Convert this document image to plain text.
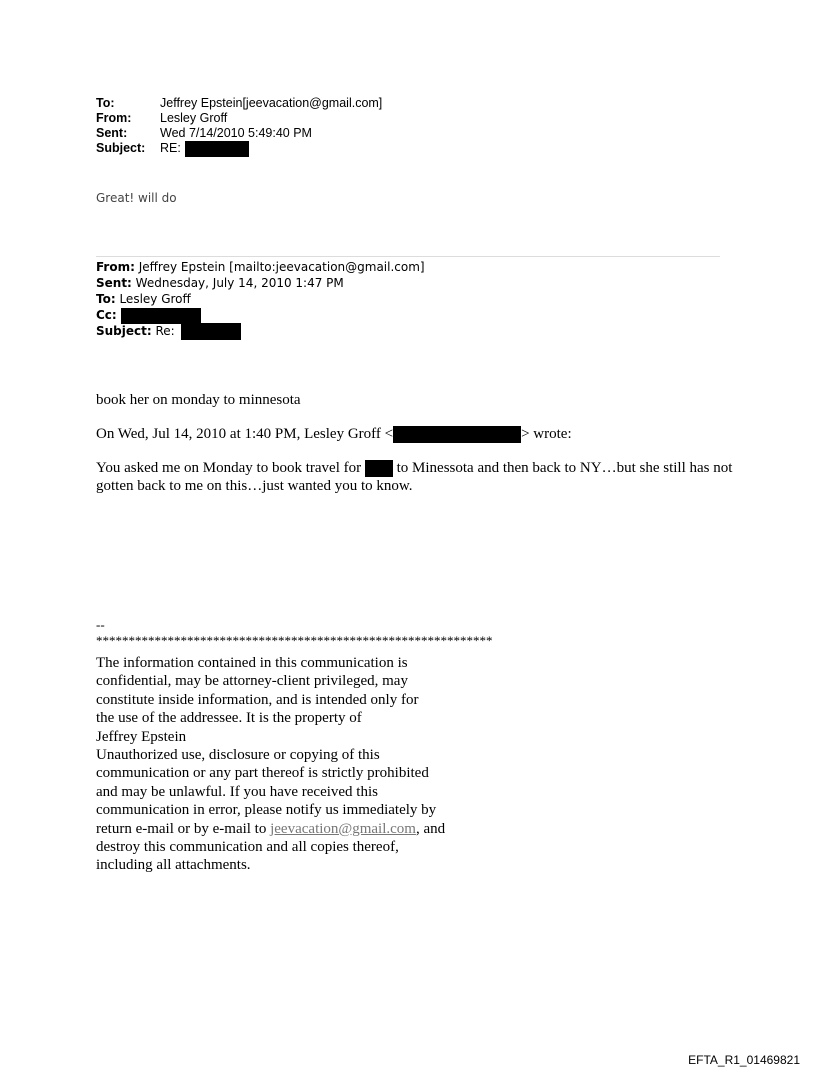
To:	Jeffrey Epstein[jeevacation@gmail.com]
From:	Lesley Groff
Sent:	Wed 7/14/2010 5:49:40 PM
Subject:	RE:
Great! will do
From: Jeffrey Epstein [mailto:jeevacation@gmail.com]
Sent: Wednesday, July 14, 2010 1:47 PM
To: Lesley Groff
Cc:
Subject: Re:
book her on monday to minnesota
On Wed, Jul 14, 2010 at 1:40 PM, Lesley Groff <	> wrote:
You asked me on Monday to book travel for  to Minessota and then back to NY…but she still has not gotten back to me on this…just wanted you to know.
--
*************************************************************
The information contained in this communication is
confidential, may be attorney-client privileged, may
constitute inside information, and is intended only for
the use of the addressee. It is the property of
Jeffrey Epstein
Unauthorized use, disclosure or copying of this
communication or any part thereof is strictly prohibited
and may be unlawful. If you have received this
communication in error, please notify us immediately by
return e-mail or by e-mail to jeevacation@gmail.com, and
destroy this communication and all copies thereof,
including all attachments.
EFTA_R1_01469821
